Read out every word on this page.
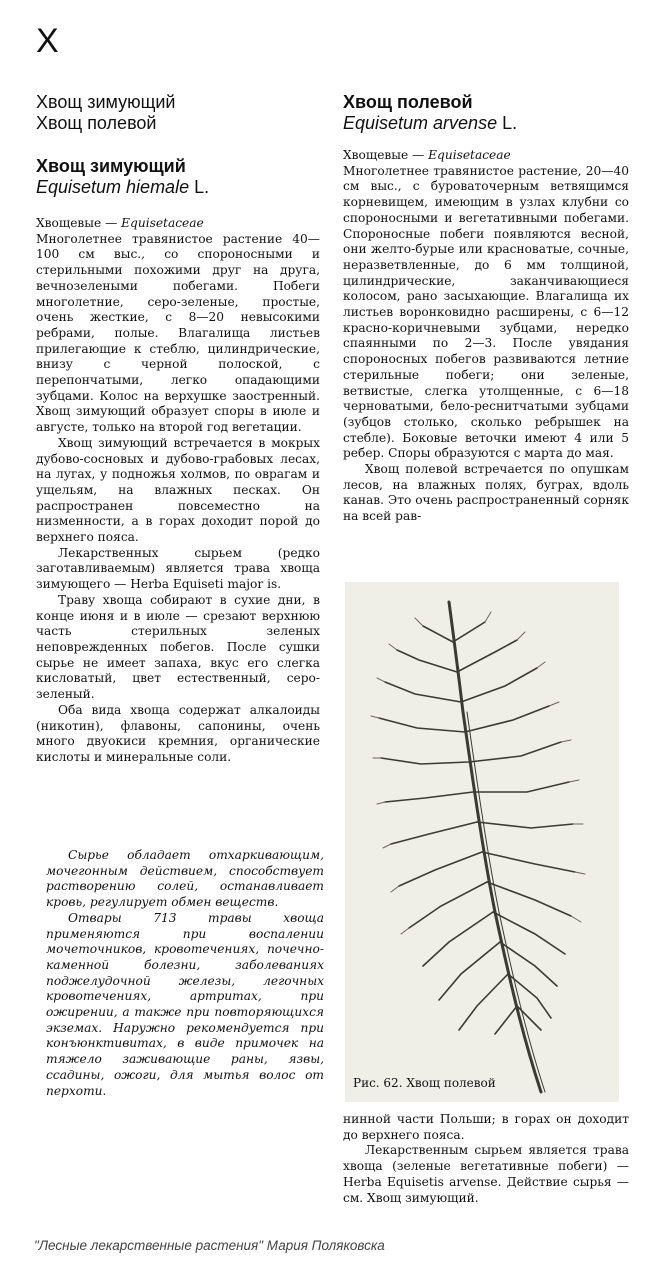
X

Хвощ зимующий

Хвощ полевой

Хвощ зимующий

Equisetum hiemale L.

Хвощевые — Equisetaceae

Многолетнее травянистое растение 40—100 см выс., со спороносными и стерильными похожими друг на друга, вечнозелеными побегами. Побеги многолетние, серо-зеленые, простые, очень жесткие, с 8—20 невысокими ребрами, полые. Влагалища листьев прилегающие к стеблю, цилиндрические, внизу с черной полоской, с перепончатыми, легко опадающими зубцами. Колос на верхушке заостренный. Хвощ зимующий образует споры в июле и августе, только на второй год вегетации.

Хвощ зимующий встречается в мокрых дубово-сосновых и дубово-грабовых лесах, на лугах, у подножья холмов, по оврагам и ущельям, на влажных песках. Он распространен повсеместно на низменности, а в горах доходит порой до верхнего пояса.

Лекарственных сырьем (редко заготавливаемым) является трава хвоща зимующего — Herba Equiseti major is.

Траву хвоща собирают в сухие дни, в конце июня и в июле — срезают верхнюю часть стерильных зеленых неповрежденных побегов. После сушки сырье не имеет запаха, вкус его слегка кисловатый, цвет естественный, серо-зеленый.

Оба вида хвоща содержат алкалоиды (никотин), флавоны, сапонины, очень много двуокиси кремния, органические кислоты и минеральные соли.

Сырье обладает отхаркивающим, мочегонным действием, способствует растворению солей, останавливает кровь, регулирует обмен веществ.

Отвары 713 травы хвоща применяются при воспалении мочеточников, кровотечениях, почечно-каменной болезни, заболеваниях поджелудочной железы, легочных кровотечениях, артритах, при ожирении, а также при повторяющихся экземах. Наружно рекомендуется при конъюнктивитах, в виде примочек на тяжело заживающие раны, язвы, ссадины, ожоги, для мытья волос от перхоти.

Хвощ полевой

Equisetum arvense L.

Хвощевые — Equisetaceae

Многолетнее травянистое растение, 20—40 см выс., с буроваточерным ветвящимся корневищем, имеющим в узлах клубни со спороносными и вегетативными побегами. Спороносные побеги появляются весной, они желто-бурые или красноватые, сочные, неразветвленные, до 6 мм толщиной, цилиндрические, заканчивающиеся колосом, рано засыхающие. Влагалища их листьев воронковидно расширены, с 6—12 красно-коричневыми зубцами, нередко спаянными по 2—3. После увядания спороносных побегов развиваются летние стерильные побеги; они зеленые, ветвистые, слегка утолщенные, с 6—18 черноватыми, бело-реснитчатыми зубцами (зубцов столько, сколько ребрышек на стебле). Боковые веточки имеют 4 или 5 ребер. Споры образуются с марта до мая.

Хвощ полевой встречается по опушкам лесов, на влажных полях, буграх, вдоль канав. Это очень распространенный сорняк на всей рав-

Рис. 62. Хвощ полевой

нинной части Польши; в горах он доходит до верхнего пояса.

Лекарственным сырьем является трава хвоща (зеленые вегетативные побеги) — Herba Equisetis arvense. Действие сырья — см. Хвощ зимующий.

"Лесные лекарственные растения" Мария Поляковска
